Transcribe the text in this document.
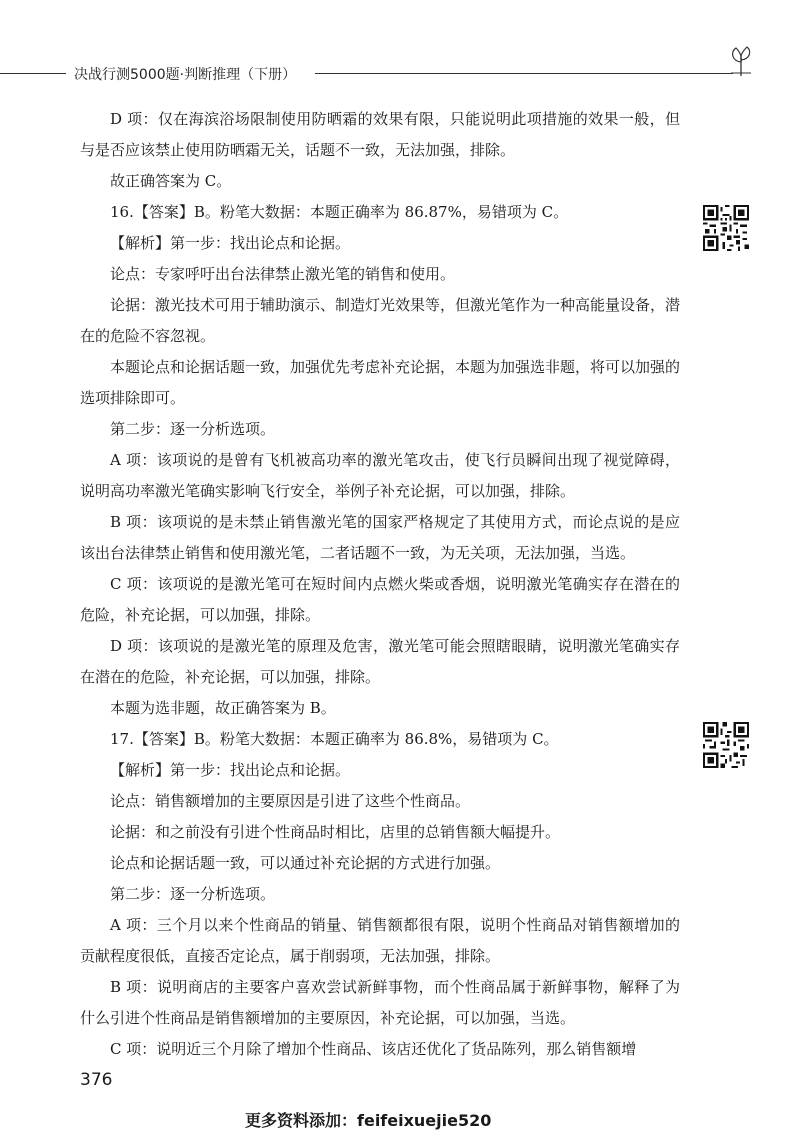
决战行测5000题·判断推理（下册）

D 项：仅在海滨浴场限制使用防晒霜的效果有限，只能说明此项措施的效果一般，但与是否应该禁止使用防晒霜无关，话题不一致，无法加强，排除。

故正确答案为 C。

16.【答案】B。粉笔大数据：本题正确率为 86.87%，易错项为 C。

【解析】第一步：找出论点和论据。

论点：专家呼吁出台法律禁止激光笔的销售和使用。

论据：激光技术可用于辅助演示、制造灯光效果等，但激光笔作为一种高能量设备，潜在的危险不容忽视。

本题论点和论据话题一致，加强优先考虑补充论据，本题为加强选非题，将可以加强的选项排除即可。

第二步：逐一分析选项。

A 项：该项说的是曾有飞机被高功率的激光笔攻击，使飞行员瞬间出现了视觉障碍，说明高功率激光笔确实影响飞行安全，举例子补充论据，可以加强，排除。

B 项：该项说的是未禁止销售激光笔的国家严格规定了其使用方式，而论点说的是应该出台法律禁止销售和使用激光笔，二者话题不一致，为无关项，无法加强，当选。

C 项：该项说的是激光笔可在短时间内点燃火柴或香烟，说明激光笔确实存在潜在的危险，补充论据，可以加强，排除。

D 项：该项说的是激光笔的原理及危害，激光笔可能会照瞎眼睛，说明激光笔确实存在潜在的危险，补充论据，可以加强，排除。

本题为选非题，故正确答案为 B。

17.【答案】B。粉笔大数据：本题正确率为 86.8%，易错项为 C。

【解析】第一步：找出论点和论据。

论点：销售额增加的主要原因是引进了这些个性商品。

论据：和之前没有引进个性商品时相比，店里的总销售额大幅提升。

论点和论据话题一致，可以通过补充论据的方式进行加强。

第二步：逐一分析选项。

A 项：三个月以来个性商品的销量、销售额都很有限，说明个性商品对销售额增加的贡献程度很低，直接否定论点，属于削弱项，无法加强，排除。

B 项：说明商店的主要客户喜欢尝试新鲜事物，而个性商品属于新鲜事物，解释了为什么引进个性商品是销售额增加的主要原因，补充论据，可以加强，当选。

C 项：说明近三个月除了增加个性商品、该店还优化了货品陈列，那么销售额增

376
更多资料添加：feifeixuejie520
